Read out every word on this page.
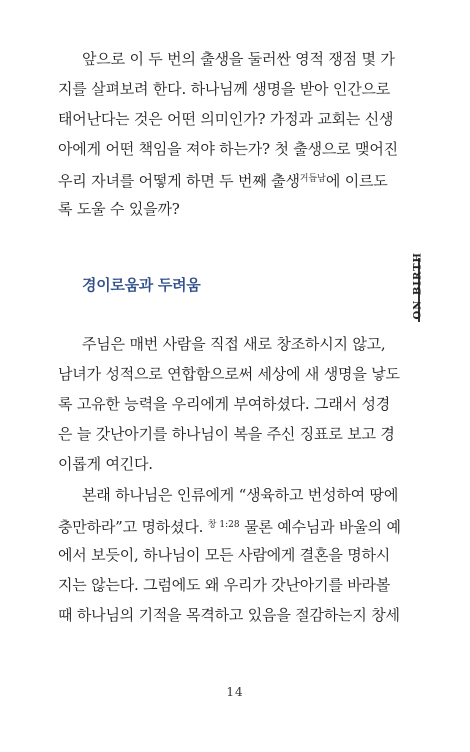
앞으로 이 두 번의 출생을 둘러싼 영적 쟁점 몇 가
지를 살펴보려 한다. 하나님께 생명을 받아 인간으로
태어난다는 것은 어떤 의미인가? 가정과 교회는 신생
아에게 어떤 책임을 져야 하는가? 첫 출생으로 맺어진
우리 자녀를 어떻게 하면 두 번째 출생$^{거듭남}$에 이르도
록 도울 수 있을까?
ON BIRTH
경이로움과 두려움
주님은 매번 사람을 직접 새로 창조하시지 않고,
남녀가 성적으로 연합함으로써 세상에 새 생명을 낳도
록 고유한 능력을 우리에게 부여하셨다. 그래서 성경
은 늘 갓난아기를 하나님이 복을 주신 징표로 보고 경
이롭게 여긴다.
본래 하나님은 인류에게 “생육하고 번성하여 땅에
충만하라”고 명하셨다. $^{창 1:28}$ 물론 예수님과 바울의 예
에서 보듯이, 하나님이 모든 사람에게 결혼을 명하시
지는 않는다. 그럼에도 왜 우리가 갓난아기를 바라볼
때 하나님의 기적을 목격하고 있음을 절감하는지 창세
14
